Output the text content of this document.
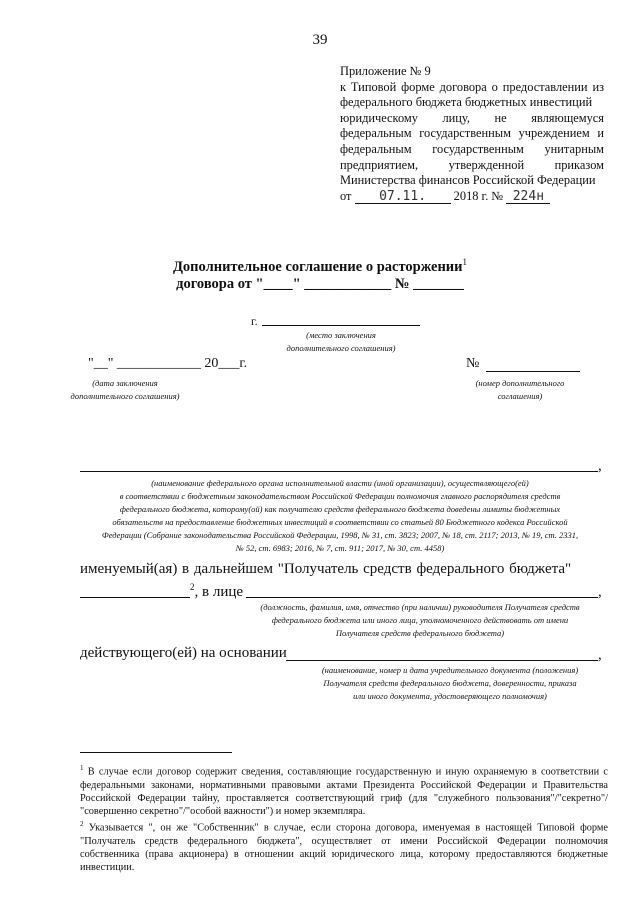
39
Приложение № 9
к Типовой форме договора о предоставлении из
федерального бюджета бюджетных инвестиций
юридическому лицу, не являющемуся
федеральным государственным учреждением и
федеральным государственным унитарным
предприятием, утвержденной приказом
Министерства финансов Российской Федерации
от 07.11. 2018 г. № 224н
Дополнительное соглашение о расторжении$^1$
договора от "____" ____________ № _______
г.
(место заключения
дополнительного соглашения)
"__" ____________ 20___г.
(дата заключения
дополнительного соглашения)
№
(номер дополнительного
соглашения)
,
(наименование федерального органа исполнительной власти (иной организации), осуществляющего(ей)
в соответствии с бюджетным законодательством Российской Федерации полномочия главного распорядителя средств
федерального бюджета, которому(ой) как получателю средств федерального бюджета доведены лимиты бюджетных
обязательств на предоставление бюджетных инвестиций в соответствии со статьей 80 Бюджетного кодекса Российской
Федерации (Собрание законодательства Российской Федерации, 1998, № 31, ст. 3823; 2007, № 18, ст. 2117; 2013, № 19, ст. 2331,
№ 52, ст. 6983; 2016, № 7, ст. 911; 2017, № 30, ст. 4458)
именуемый(ая) в дальнейшем "Получатель средств федерального бюджета"
$^2$, в лице	,
(должность, фамилия, имя, отчество (при наличии) руководителя Получателя средств
федерального бюджета или иного лица, уполномоченного действовать от имени
Получателя средств федерального бюджета)
действующего(ей) на основании	,
(наименование, номер и дата учредительного документа (положения)
Получателя средств федерального бюджета, доверенности, приказа
или иного документа, удостоверяющего полномочия)
$^1$ В случае если договор содержит сведения, составляющие государственную и иную охраняемую в соответствии с федеральными законами, нормативными правовыми актами Президента Российской Федерации и Правительства Российской Федерации тайну, проставляется соответствующий гриф (для "служебного пользования"/"секретно"/ "совершенно секретно"/"особой важности") и номер экземпляра.
$^2$ Указывается ", он же "Собственник" в случае, если сторона договора, именуемая в настоящей Типовой форме "Получатель средств федерального бюджета", осуществляет от имени Российской Федерации полномочия собственника (права акционера) в отношении акций юридического лица, которому предоставляются бюджетные инвестиции.
